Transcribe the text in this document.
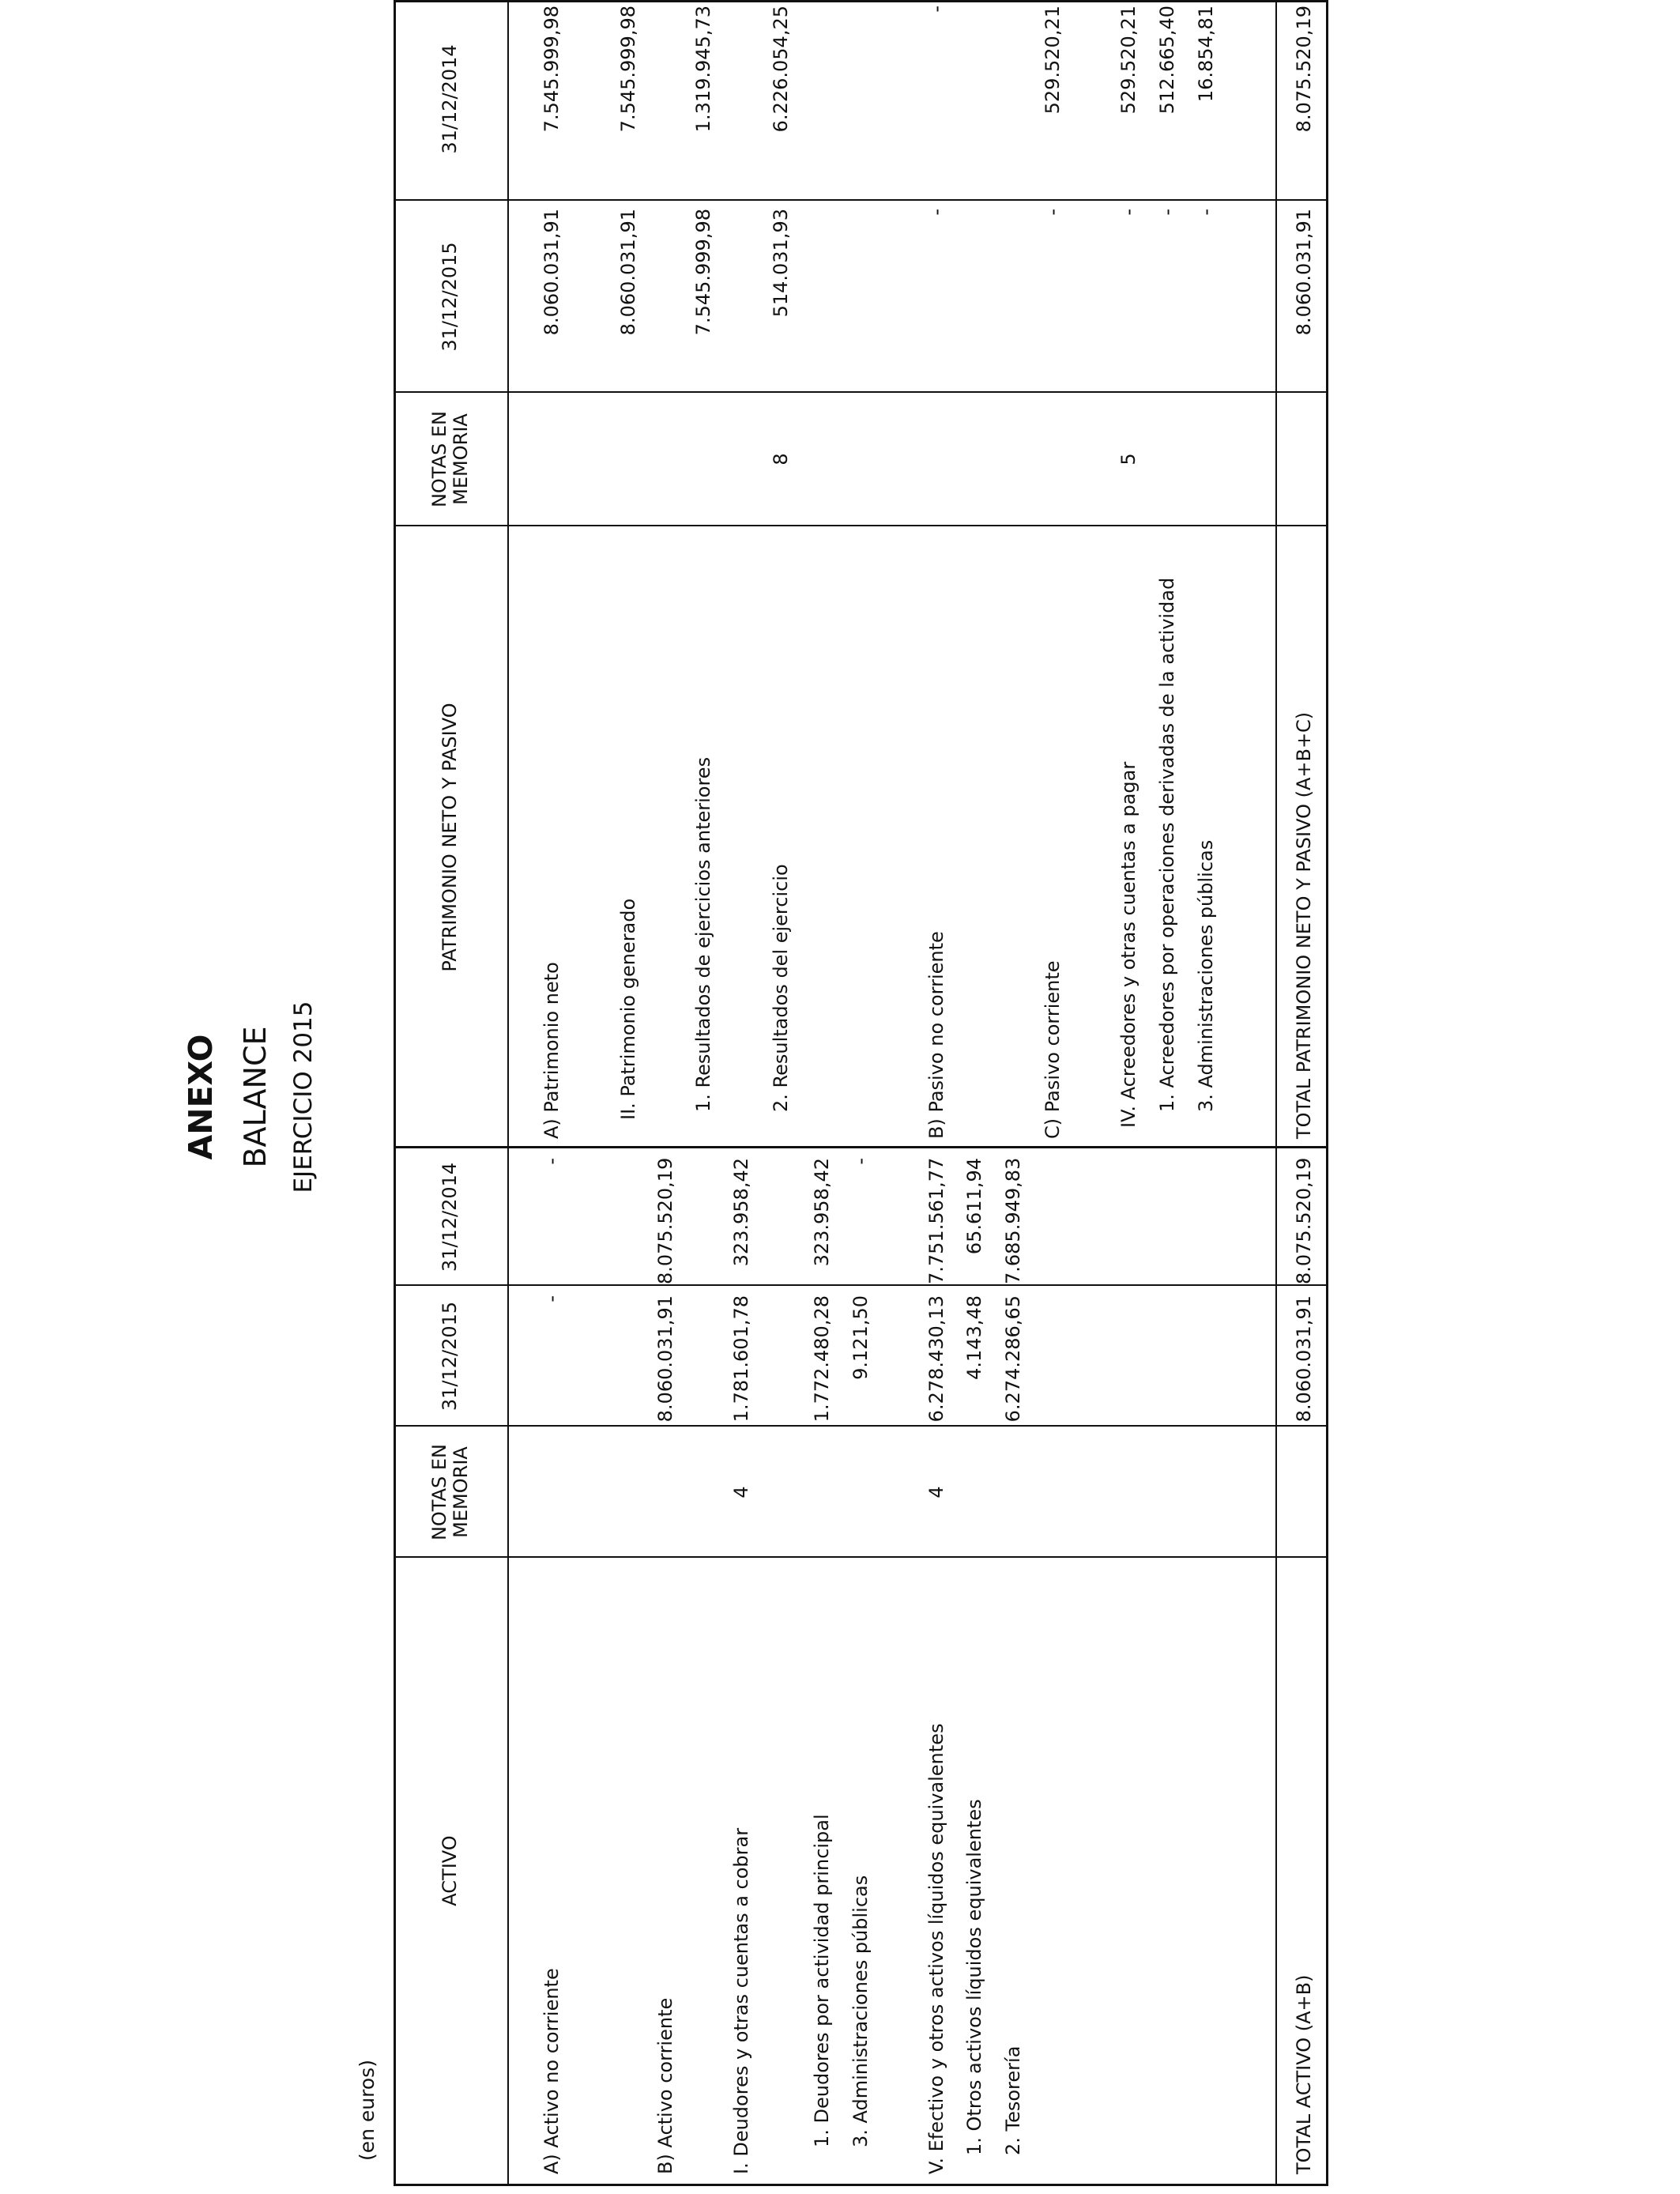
ANEXO BALANCE EJERCICIO 2015
(en euros)
ACTIVO
NOTAS EN MEMORIA
31/12/2015
31/12/2014
PATRIMONIO NETO Y PASIVO
NOTAS EN MEMORIA
31/12/2015
31/12/2014
A) Activo no corriente
-
-
B) Activo corriente
8.060.031,91
8.075.520,19
I. Deudores y otras cuentas a cobrar
4
1.781.601,78
323.958,42
1. Deudores por actividad principal
1.772.480,28
323.958,42
3. Administraciones públicas
9.121,50
-
V. Efectivo y otros activos líquidos equivalentes
4
6.278.430,13
7.751.561,77
1. Otros activos líquidos equivalentes
4.143,48
65.611,94
2. Tesorería
6.274.286,65
7.685.949,83
A) Patrimonio neto
8.060.031,91
7.545.999,98
II. Patrimonio generado
8.060.031,91
7.545.999,98
1. Resultados de ejercicios anteriores
7.545.999,98
1.319.945,73
2. Resultados del ejercicio
8
514.031,93
6.226.054,25
B) Pasivo no corriente
-
-
C) Pasivo corriente
-
529.520,21
IV. Acreedores y otras cuentas a pagar
5
-
529.520,21
1. Acreedores por operaciones derivadas de la actividad
-
512.665,40
3. Administraciones públicas
-
16.854,81
TOTAL ACTIVO (A+B)
8.060.031,91
8.075.520,19
TOTAL PATRIMONIO NETO Y PASIVO (A+B+C)
8.060.031,91
8.075.520,19
